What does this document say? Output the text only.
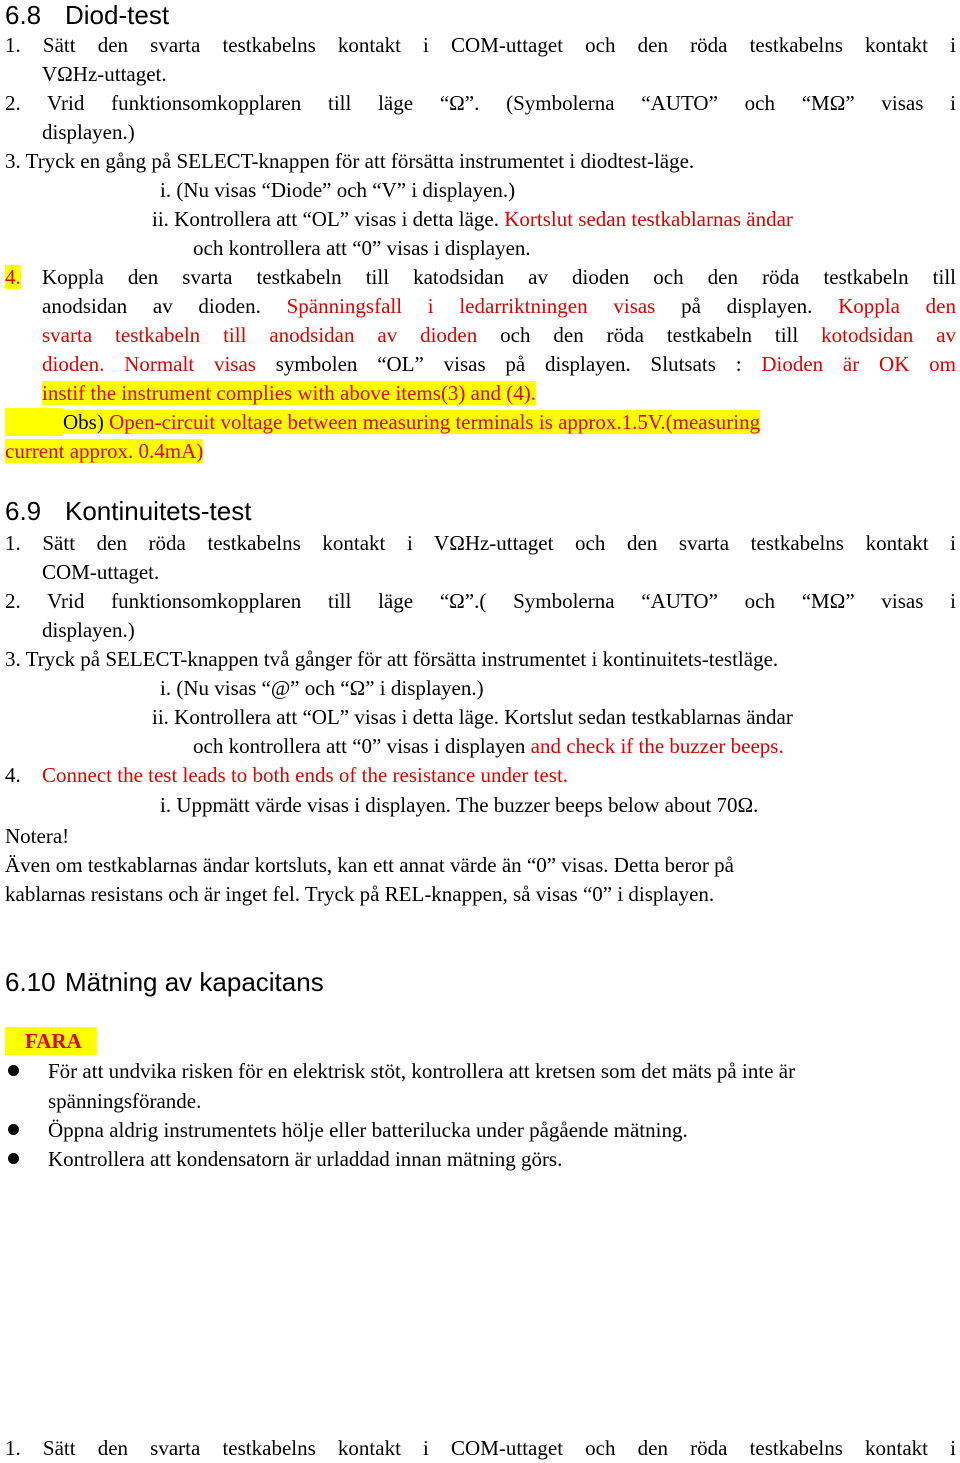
6.8 Diod-test
1. Sätt den svarta testkabelns kontakt i COM-uttaget och den röda testkabelns kontakt i
VΩHz-uttaget.
2. Vrid funktionsomkopplaren till läge “Ω”. (Symbolerna “AUTO” och “MΩ” visas i
displayen.)
3. Tryck en gång på SELECT-knappen för att försätta instrumentet i diodtest-läge.
i. (Nu visas “Diode” och “V” i displayen.)
ii. Kontrollera att “OL” visas i detta läge. Kortslut sedan testkablarnas ändar
och kontrollera att “0” visas i displayen.
4. Koppla den svarta testkabeln till katodsidan av dioden och den röda testkabeln till
anodsidan av dioden. Spänningsfall i ledarriktningen visas på displayen. Koppla den
svarta testkabeln till anodsidan av dioden och den röda testkabeln till kotodsidan av
dioden. Normalt visas symbolen “OL” visas på displayen. Slutsats : Dioden är OK om
instif the instrument complies with above items(3) and (4).
Obs) Open-circuit voltage between measuring terminals is approx.1.5V.(measuring
current approx. 0.4mA)
6.9 Kontinuitets-test
1. Sätt den röda testkabelns kontakt i VΩHz-uttaget och den svarta testkabelns kontakt i
COM-uttaget.
2. Vrid funktionsomkopplaren till läge “Ω”.( Symbolerna “AUTO” och “MΩ” visas i
displayen.)
3. Tryck på SELECT-knappen två gånger för att försätta instrumentet i kontinuitets-testläge.
i. (Nu visas “@” och “Ω” i displayen.)
ii. Kontrollera att “OL” visas i detta läge. Kortslut sedan testkablarnas ändar
och kontrollera att “0” visas i displayen and check if the buzzer beeps.
4. Connect the test leads to both ends of the resistance under test.
i. Uppmätt värde visas i displayen. The buzzer beeps below about 70Ω.
Notera!
Även om testkablarnas ändar kortsluts, kan ett annat värde än “0” visas. Detta beror på
kablarnas resistans och är inget fel. Tryck på REL-knappen, så visas “0” i displayen.
6.10 Mätning av kapacitans
FARA
För att undvika risken för en elektrisk stöt, kontrollera att kretsen som det mäts på inte är
spänningsförande.
Öppna aldrig instrumentets hölje eller batterilucka under pågående mätning.
Kontrollera att kondensatorn är urladdad innan mätning görs.
1. Sätt den svarta testkabelns kontakt i COM-uttaget och den röda testkabelns kontakt i
